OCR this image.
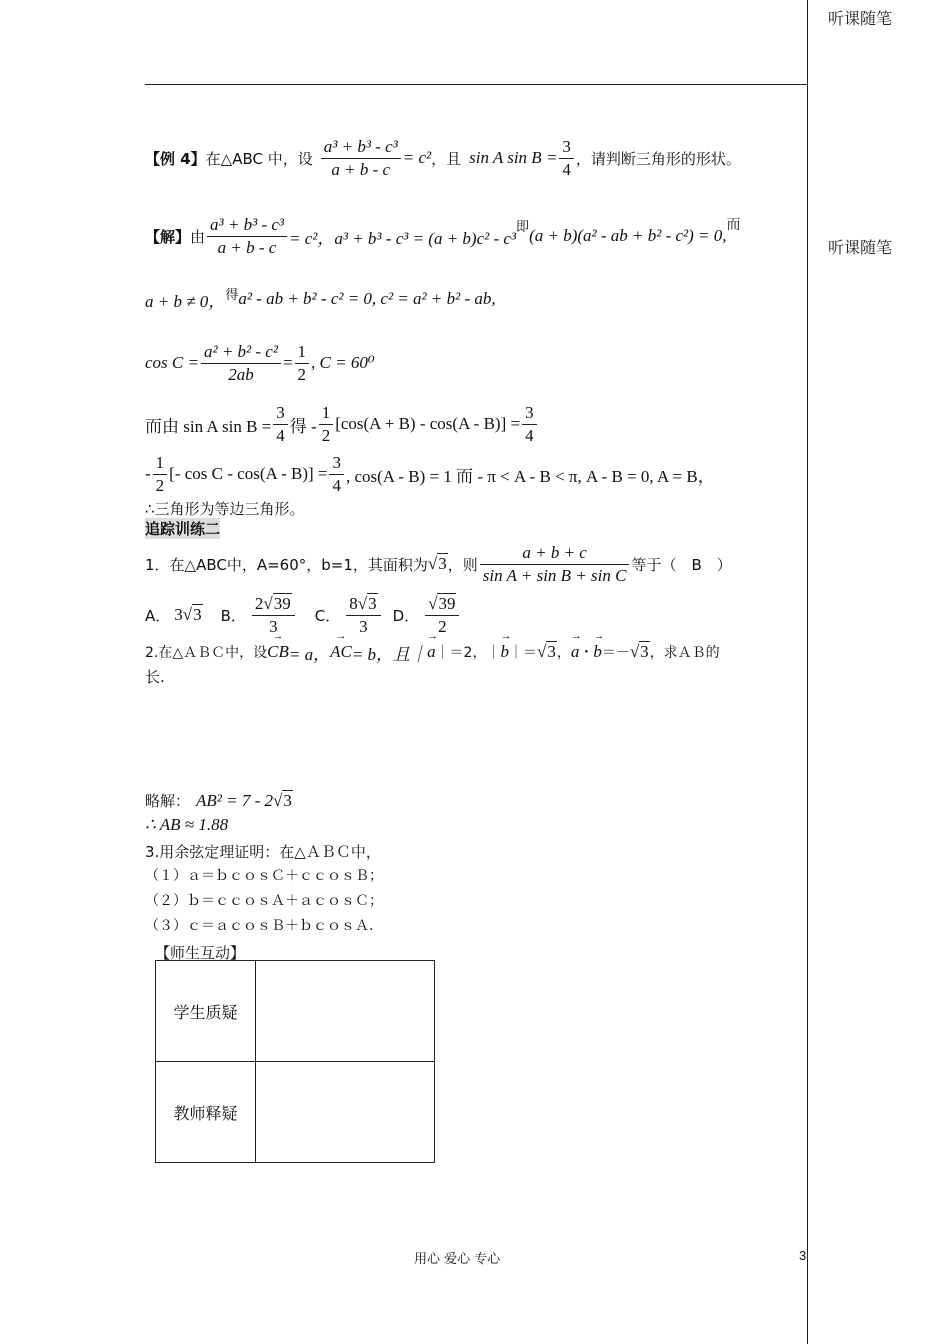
听课随笔
听课随笔
【例 4】 在△ABC 中，设 $\frac{\text{a³ + b³ - c³}}{a + b - c} = c^2$ ，且 sin A $\sin B = \frac{3}{4}$ ，请判断三角形的形状。
【解】 由 $\frac{\text{a³ + b³ - c³}}{a + b - c} = c^2$，a³ + b³ - c³ = (a + b)c² - c³
即 (a + b)(a² - ab + b² - c²) = 0,
而
a + b ≠ 0， 得 a² - ab + b² - c² = 0, c² = a² + b² - ab,
$\cos C = \frac{\text{a² + b² - c²}}{2ab} = \frac{1}{2}$ , C = 60⁰
而由 sin A $\sin B = \frac{3}{4}$ 得 - $\frac{1}{2} [\cos(A + B) - \cos(A - B)] = \frac{3}{4}$
- $\frac{1}{2}$ [- $\cos C - \cos(A - B)] = \frac{3}{4}$ , cos(A - B) = 1 而 - π < A - B < π, A - B = 0, A = B，
∴三角形为等边三角形。
追踪训练二
1．在△ABC中，A=60°，b=1，其面积为 √3 ，则 $\frac{a + b + c}{\text{sin A + sin B + sin C}}$ 等于（　B　）
A． 3√3 B． $\frac{2√39}{3}$ C． $\frac{8√3}{3}$ D． $\frac{√39}{2}$
2.在△ＡＢＣ中，设 → CB = a， → AC = b，且｜ → a ｜＝2，｜ → b ｜＝ √3 ， → a ・ → b ＝－ √3 ，求ＡＢ的
长.
略解： AB² = 7 - 2 √3
∴ AB ≈ 1.88
3.用余弦定理证明：在△ＡＢＣ中，
（１）ａ＝ｂｃｏｓＣ＋ｃｃｏｓＢ；
（２）ｂ＝ｃｃｏｓＡ＋ａｃｏｓＣ；
（３）ｃ＝ａｃｏｓＢ＋ｂｃｏｓＡ．
【师生互动】
学生质疑	
教师释疑	
用心 爱心 专心	3
